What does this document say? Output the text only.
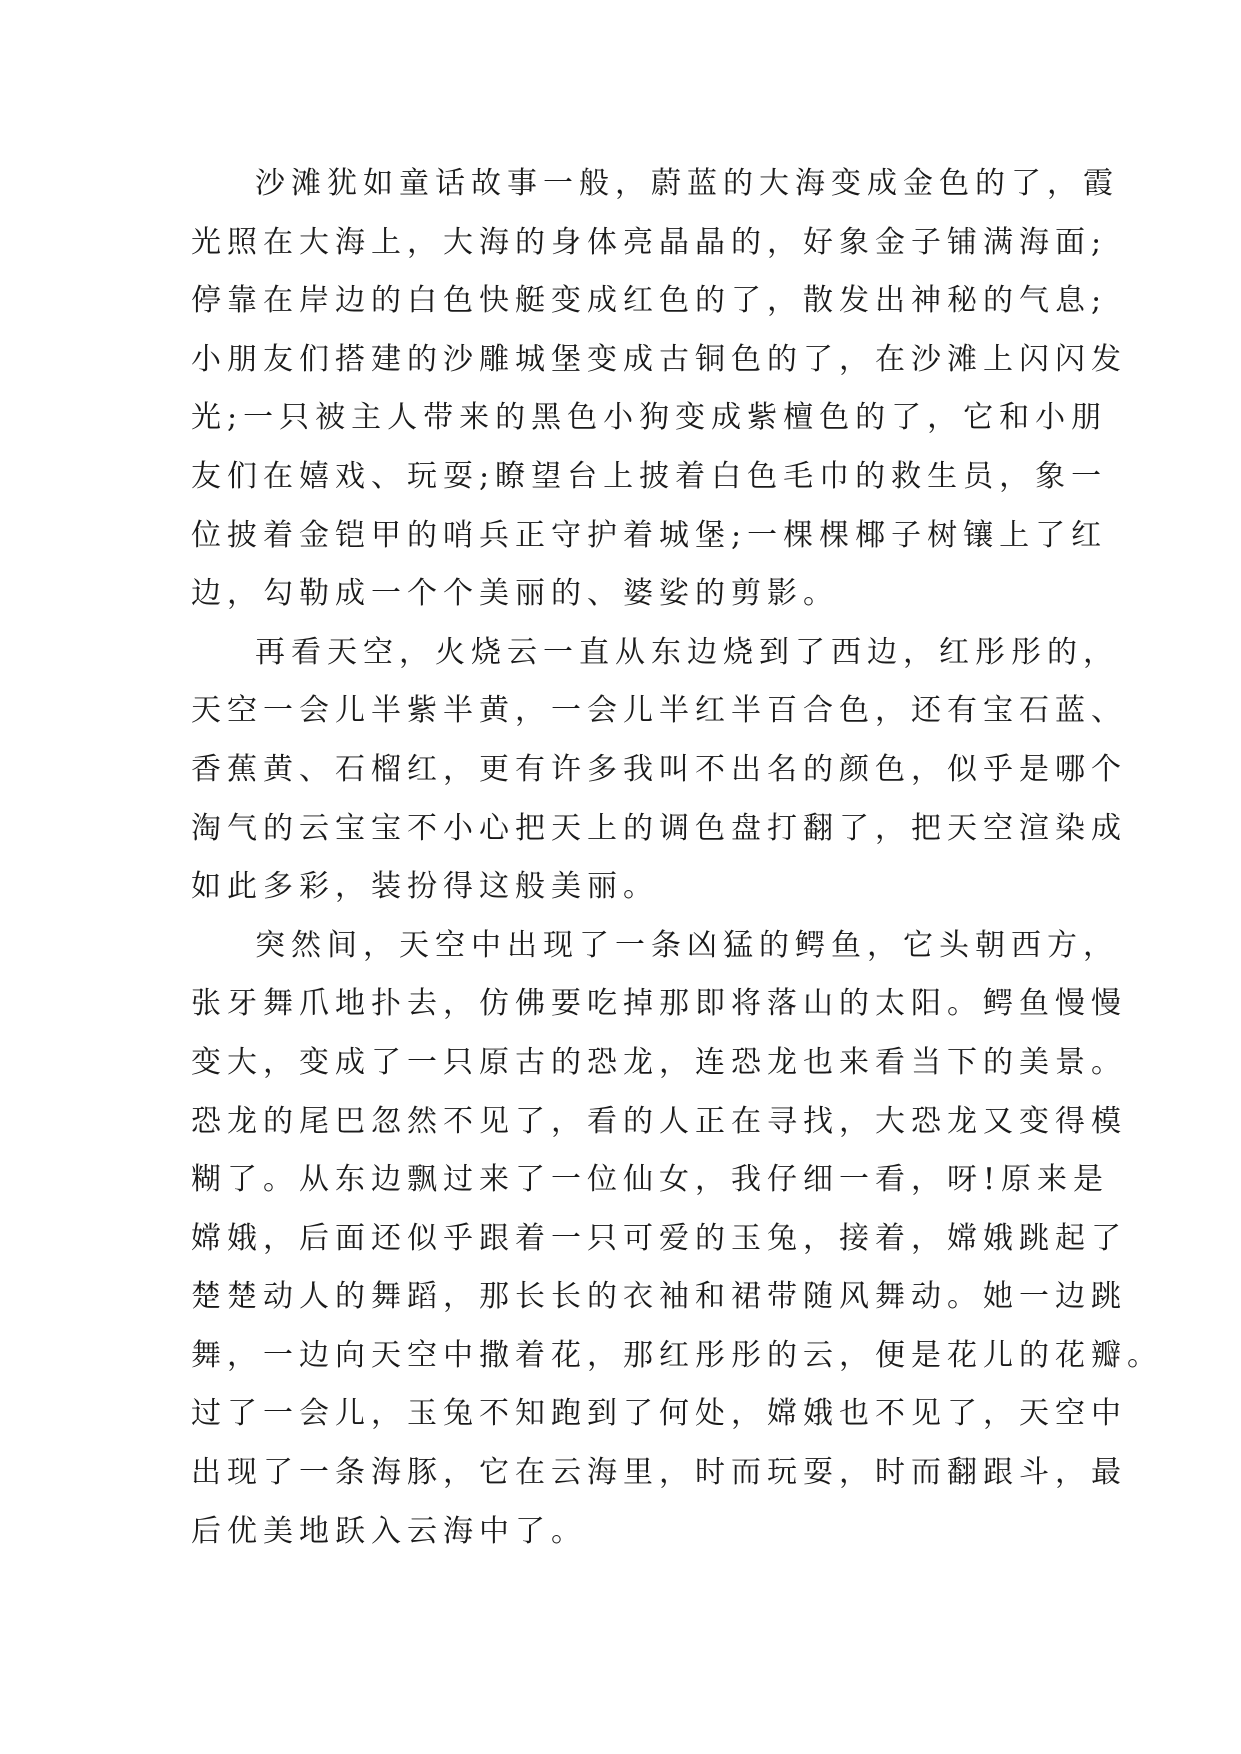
沙滩犹如童话故事一般，蔚蓝的大海变成金色的了，霞
光照在大海上，大海的身体亮晶晶的，好象金子铺满海面;
停靠在岸边的白色快艇变成红色的了，散发出神秘的气息;
小朋友们搭建的沙雕城堡变成古铜色的了，在沙滩上闪闪发
光;一只被主人带来的黑色小狗变成紫檀色的了，它和小朋
友们在嬉戏、玩耍;瞭望台上披着白色毛巾的救生员，象一
位披着金铠甲的哨兵正守护着城堡;一棵棵椰子树镶上了红
边，勾勒成一个个美丽的、婆娑的剪影。
再看天空，火烧云一直从东边烧到了西边，红彤彤的，
天空一会儿半紫半黄，一会儿半红半百合色，还有宝石蓝、
香蕉黄、石榴红，更有许多我叫不出名的颜色，似乎是哪个
淘气的云宝宝不小心把天上的调色盘打翻了，把天空渲染成
如此多彩，装扮得这般美丽。
突然间，天空中出现了一条凶猛的鳄鱼，它头朝西方，
张牙舞爪地扑去，仿佛要吃掉那即将落山的太阳。鳄鱼慢慢
变大，变成了一只原古的恐龙，连恐龙也来看当下的美景。
恐龙的尾巴忽然不见了，看的人正在寻找，大恐龙又变得模
糊了。从东边飘过来了一位仙女，我仔细一看，呀!原来是
嫦娥，后面还似乎跟着一只可爱的玉兔，接着，嫦娥跳起了
楚楚动人的舞蹈，那长长的衣袖和裙带随风舞动。她一边跳
舞，一边向天空中撒着花，那红彤彤的云，便是花儿的花瓣。
过了一会儿，玉兔不知跑到了何处，嫦娥也不见了，天空中
出现了一条海豚，它在云海里，时而玩耍，时而翻跟斗，最
后优美地跃入云海中了。
